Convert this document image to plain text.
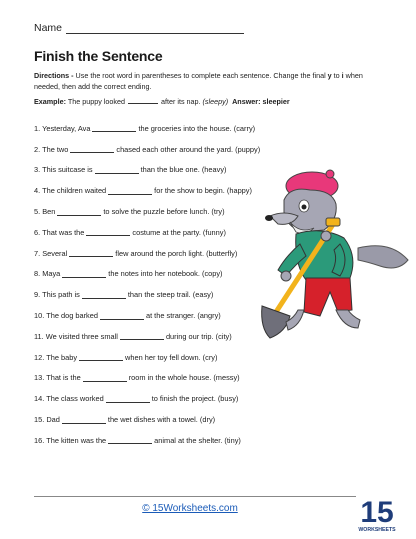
Name
Finish the Sentence
Directions - Use the root word in parentheses to complete each sentence. Change the final y to i when needed, then add the correct ending.
Example: The puppy looked	after its nap. (sleepy) Answer: sleepier
1. Yesterday, Ava	the groceries into the house. (carry)
2. The two	chased each other around the yard. (puppy)
3. This suitcase is	than the blue one. (heavy)
4. The children waited	for the show to begin. (happy)
5. Ben	to solve the puzzle before lunch. (try)
6. That was the	costume at the party. (funny)
7. Several	flew around the porch light. (butterfly)
8. Maya	the notes into her notebook. (copy)
9. This path is	than the steep trail. (easy)
10. The dog barked	at the stranger. (angry)
11. We visited three small	during our trip. (city)
12. The baby	when her toy fell down. (cry)
13. That is the	room in the whole house. (messy)
14. The class worked	to finish the project. (busy)
15. Dad	the wet dishes with a towel. (dry)
16. The kitten was the	animal at the shelter. (tiny)
© 15Worksheets.com	15
WORKSHEETS
